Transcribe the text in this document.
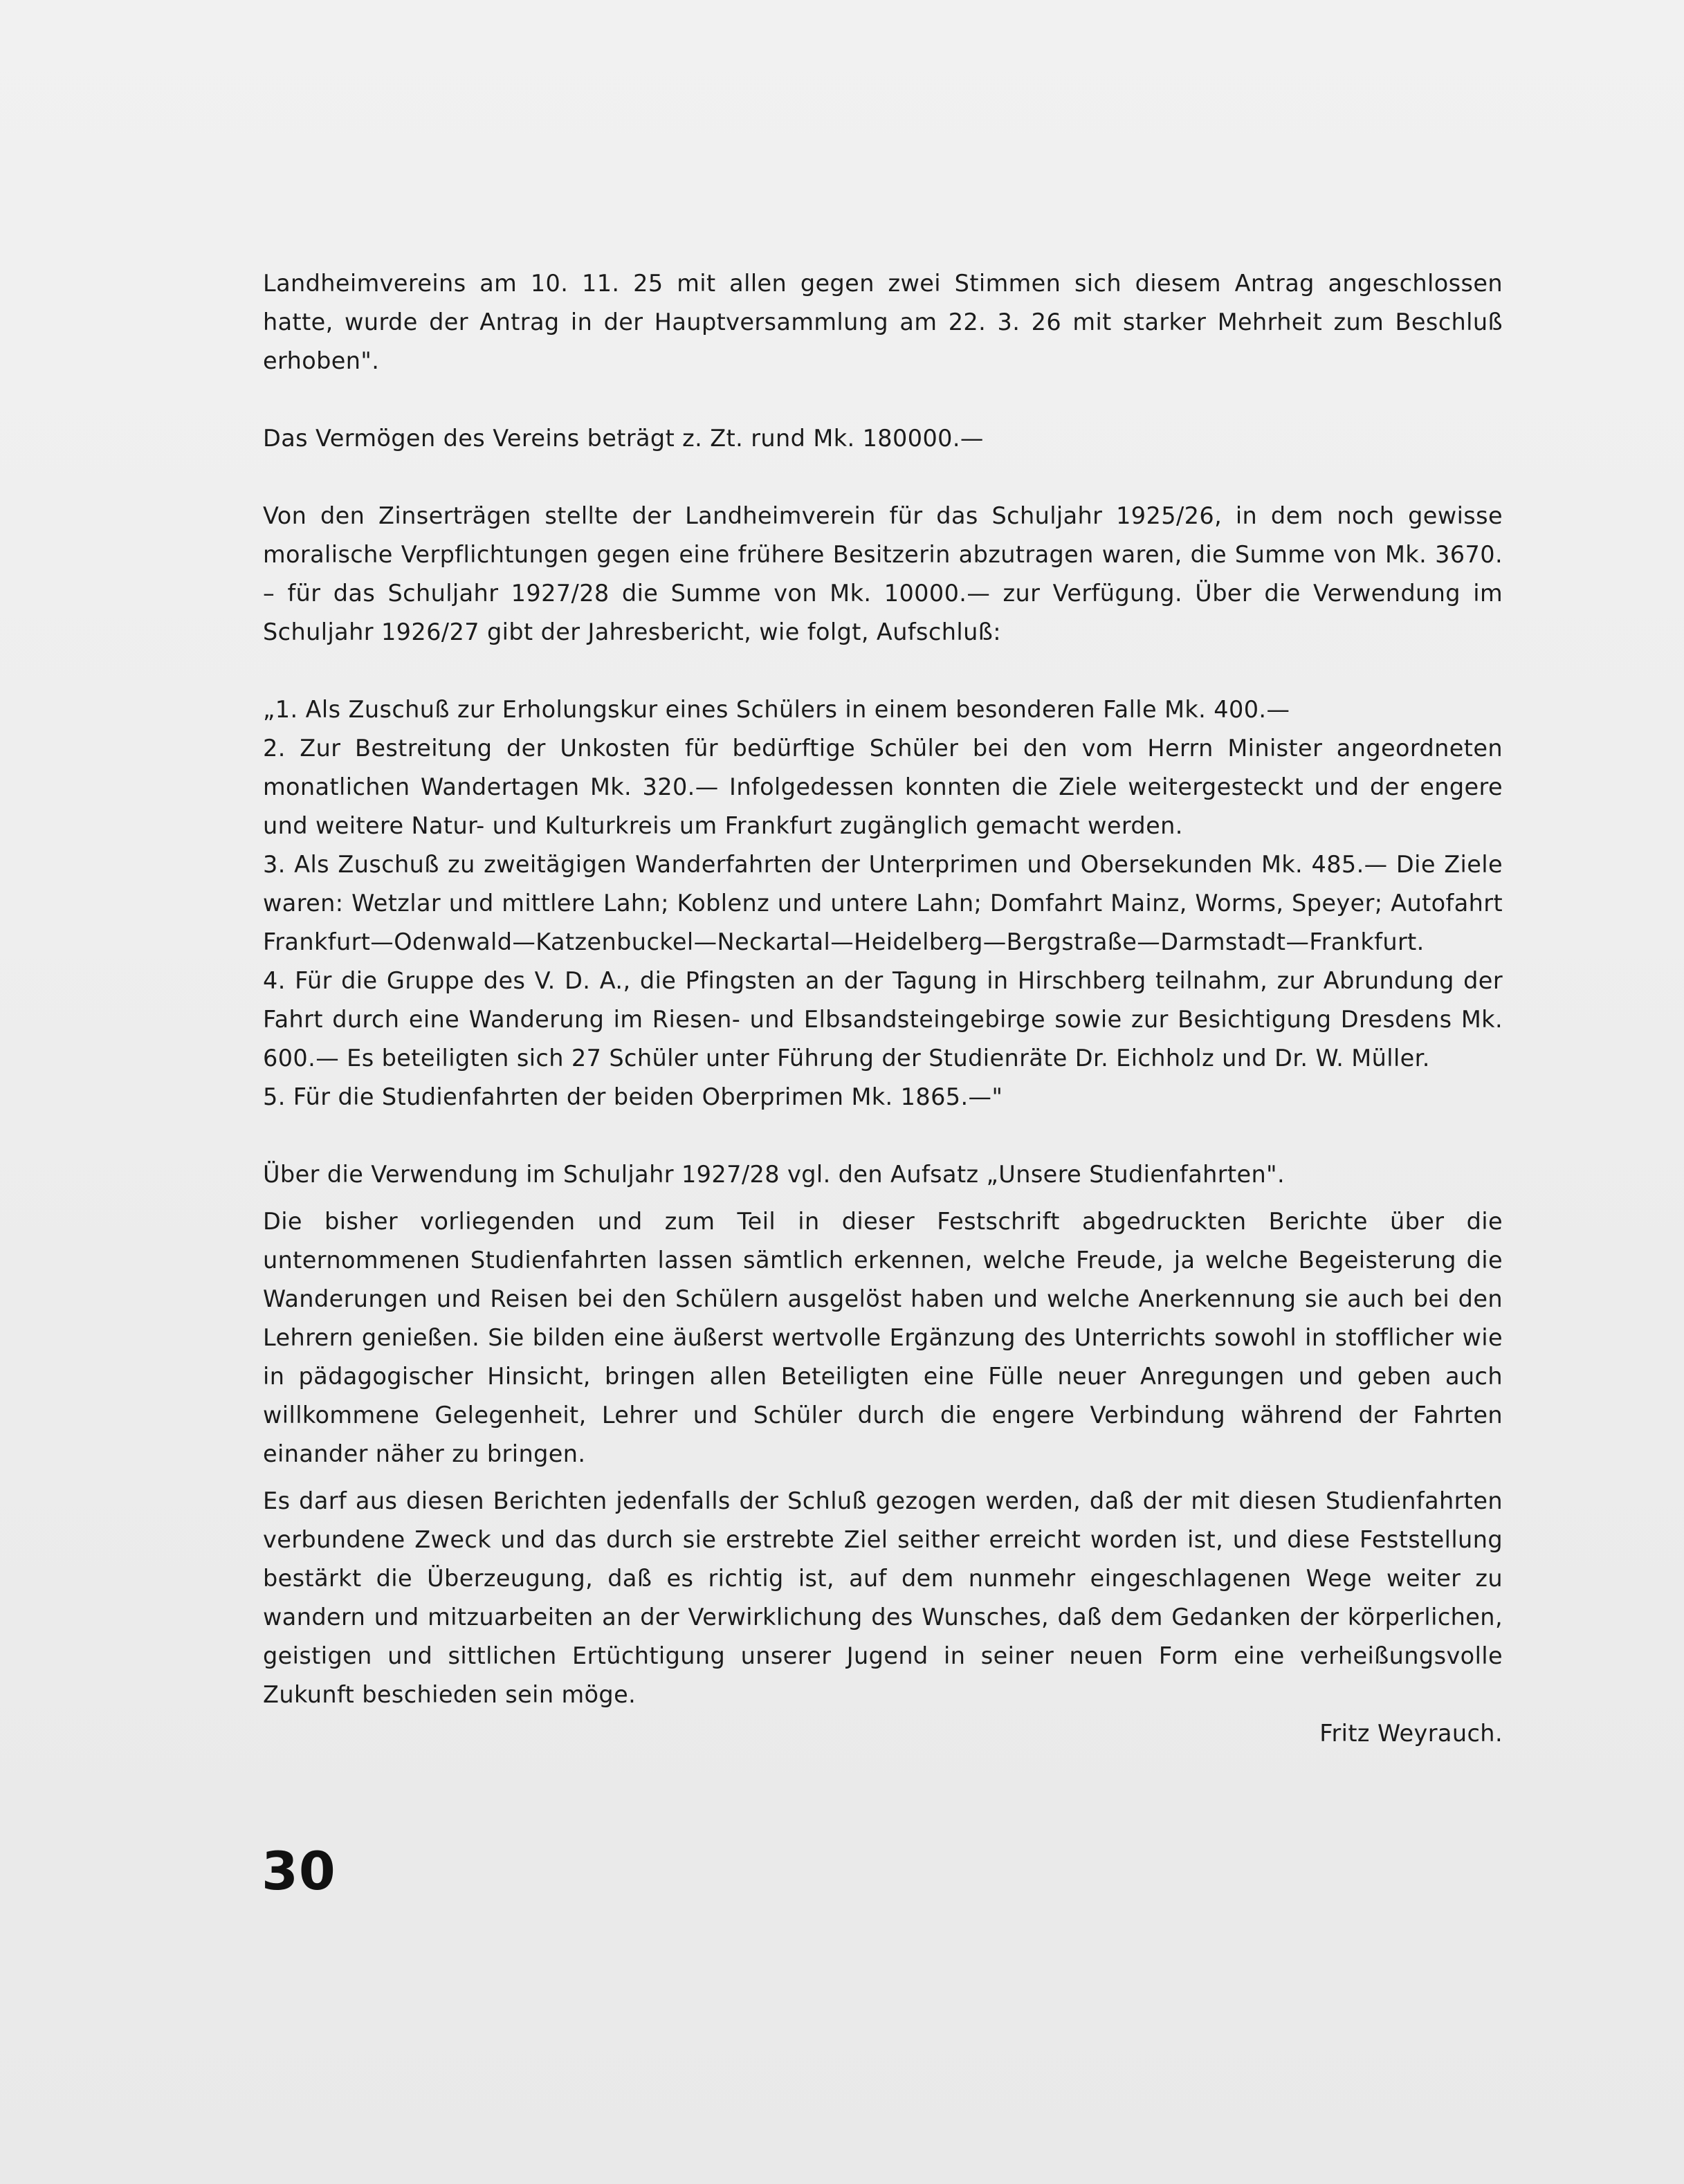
Landheimvereins am 10. 11. 25 mit allen gegen zwei Stimmen sich diesem Antrag angeschlossen hatte, wurde der Antrag in der Hauptversammlung am 22. 3. 26 mit starker Mehrheit zum Beschluß erhoben".

Das Vermögen des Vereins beträgt z. Zt. rund Mk. 180000.—

Von den Zinserträgen stellte der Landheimverein für das Schuljahr 1925/26, in dem noch gewisse moralische Verpflichtungen gegen eine frühere Besitzerin abzutragen waren, die Summe von Mk. 3670. – für das Schuljahr 1927/28 die Summe von Mk. 10000.— zur Verfügung. Über die Verwendung im Schuljahr 1926/27 gibt der Jahresbericht, wie folgt, Aufschluß:

„1. Als Zuschuß zur Erholungskur eines Schülers in einem besonderen Falle Mk. 400.—

2. Zur Bestreitung der Unkosten für bedürftige Schüler bei den vom Herrn Minister angeordneten monatlichen Wandertagen Mk. 320.— Infolgedessen konnten die Ziele weitergesteckt und der engere und weitere Natur- und Kulturkreis um Frankfurt zugänglich gemacht werden.

3. Als Zuschuß zu zweitägigen Wanderfahrten der Unterprimen und Obersekunden Mk. 485.— Die Ziele waren: Wetzlar und mittlere Lahn; Koblenz und untere Lahn; Domfahrt Mainz, Worms, Speyer; Autofahrt Frankfurt—Odenwald—Katzenbuckel—Neckartal—Heidelberg—Bergstraße—Darmstadt—Frankfurt.

4. Für die Gruppe des V. D. A., die Pfingsten an der Tagung in Hirschberg teilnahm, zur Abrundung der Fahrt durch eine Wanderung im Riesen- und Elbsandsteingebirge sowie zur Besichtigung Dresdens Mk. 600.— Es beteiligten sich 27 Schüler unter Führung der Studienräte Dr. Eichholz und Dr. W. Müller.

5. Für die Studienfahrten der beiden Oberprimen Mk. 1865.—"

Über die Verwendung im Schuljahr 1927/28 vgl. den Aufsatz „Unsere Studienfahrten".

Die bisher vorliegenden und zum Teil in dieser Festschrift abgedruckten Berichte über die unternommenen Studienfahrten lassen sämtlich erkennen, welche Freude, ja welche Begeisterung die Wanderungen und Reisen bei den Schülern ausgelöst haben und welche Anerkennung sie auch bei den Lehrern genießen. Sie bilden eine äußerst wertvolle Ergänzung des Unterrichts sowohl in stofflicher wie in pädagogischer Hinsicht, bringen allen Beteiligten eine Fülle neuer Anregungen und geben auch willkommene Gelegenheit, Lehrer und Schüler durch die engere Verbindung während der Fahrten einander näher zu bringen.

Es darf aus diesen Berichten jedenfalls der Schluß gezogen werden, daß der mit diesen Studienfahrten verbundene Zweck und das durch sie erstrebte Ziel seither erreicht worden ist, und diese Feststellung bestärkt die Überzeugung, daß es richtig ist, auf dem nunmehr eingeschlagenen Wege weiter zu wandern und mitzuarbeiten an der Verwirklichung des Wunsches, daß dem Gedanken der körperlichen, geistigen und sittlichen Ertüchtigung unserer Jugend in seiner neuen Form eine verheißungsvolle Zukunft beschieden sein möge.

Fritz Weyrauch.

30
